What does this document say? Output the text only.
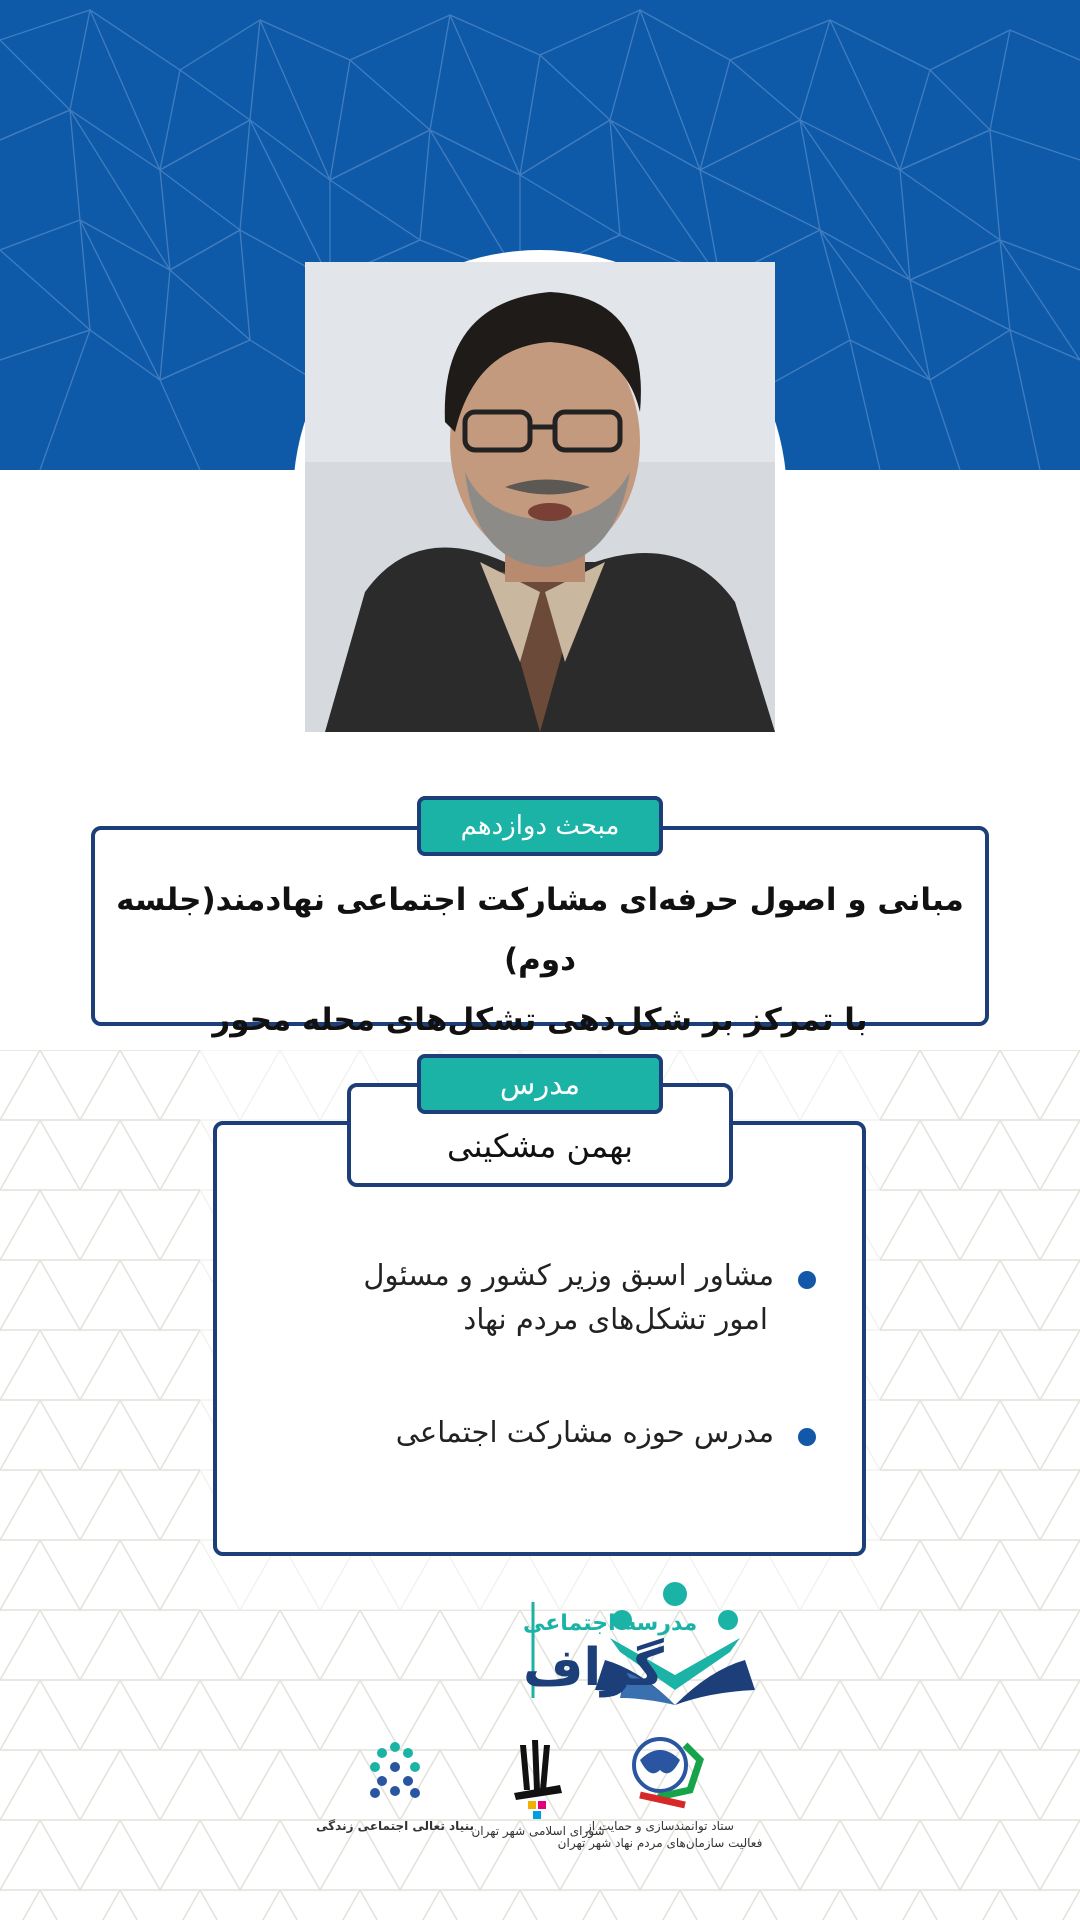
مبانی و اصول حرفه‌ای مشارکت اجتماعی نهادمند(جلسه دوم)
با تمرکز بر شکل‌دهی تشکل‌های محله محور
مبحث دوازدهم
مشاور اسبق وزیر کشور و مسئول
امور تشکل‌های مردم نهاد
مدرس حوزه مشارکت اجتماعی
بهمن مشکینی
مدرس
مدرسه اجتماعی
گراف
ستاد توانمندسازی و حمایت از
فعالیت سازمان‌های مردم نهاد شهر تهران
شورای اسلامی شهر تهران
بنیاد تعالی اجتماعی زندگی
